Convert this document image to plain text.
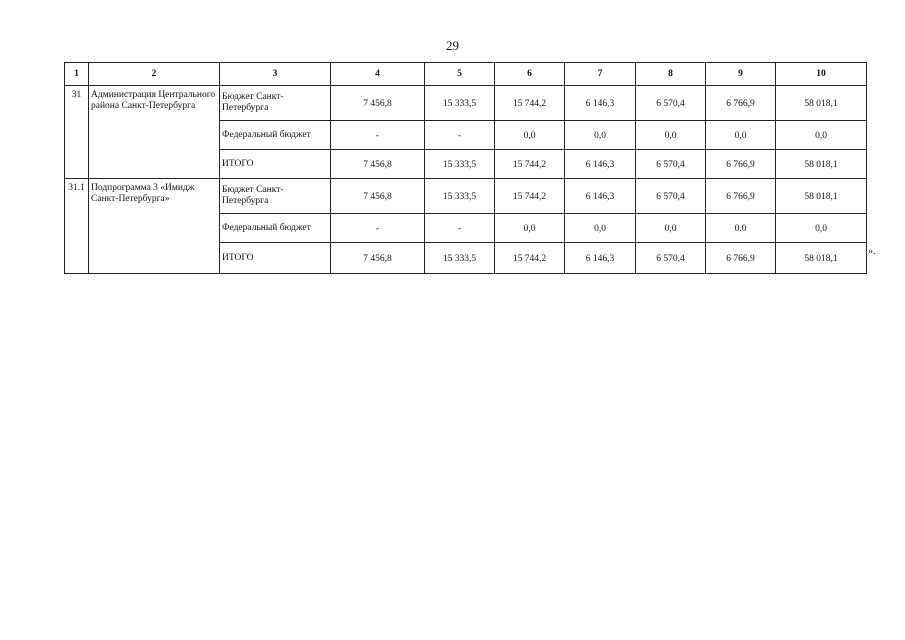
29
1	2	3	4	5	6	7	8	9	10
31	Администрация Центрального района Санкт-Петербурга	Бюджет Санкт-Петербурга	7 456,8	15 333,5	15 744,2	6 146,3	6 570,4	6 766,9	58 018,1
		Федеральный бюджет	-	-	0,0	0,0	0,0	0,0	0,0
		ИТОГО	7 456,8	15 333,5	15 744,2	6 146,3	6 570,4	6 766,9	58 018,1
31.1	Подпрограмма 3 «Имидж Санкт-Петербурга»	Бюджет Санкт-Петербурга	7 456,8	15 333,5	15 744,2	6 146,3	6 570,4	6 766,9	58 018,1
		Федеральный бюджет	-	-	0,0	0,0	0,0	0.0	0,0
		ИТОГО	7 456,8	15 333,5	15 744,2	6 146,3	6 570,4	6 766,9	58 018,1
».
